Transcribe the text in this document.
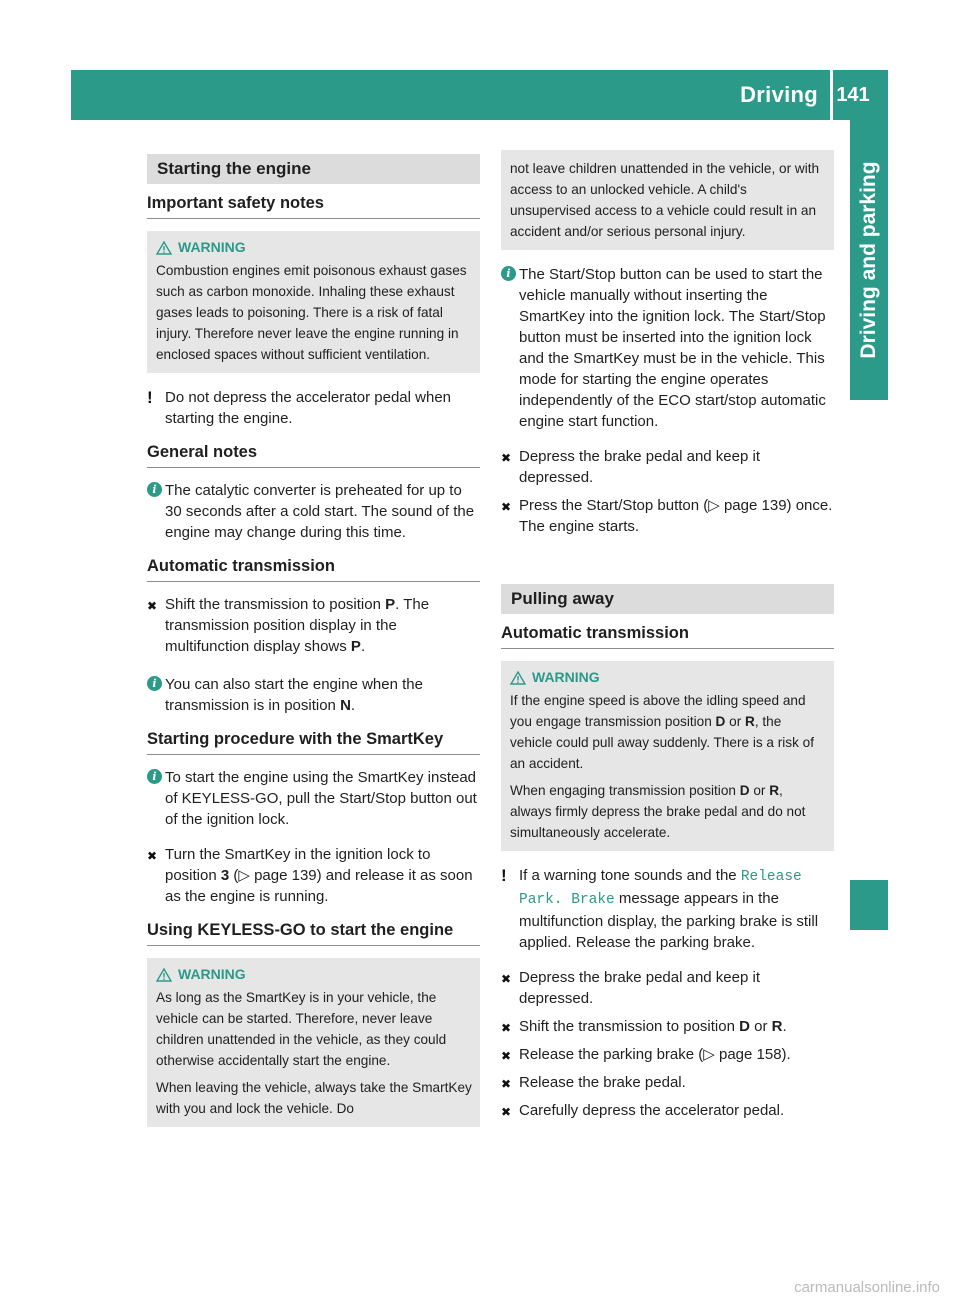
Driving 141
Driving and parking
Starting the engine
Important safety notes
WARNING

Combustion engines emit poisonous exhaust gases such as carbon monoxide. Inhaling these exhaust gases leads to poisoning. There is a risk of fatal injury. Therefore never leave the engine running in enclosed spaces without sufficient ventilation.

! Do not depress the accelerator pedal when starting the engine.
General notes
i The catalytic converter is preheated for up to 30 seconds after a cold start. The sound of the engine may change during this time.
Automatic transmission
✖ Shift the transmission to position P. The transmission position display in the multifunction display shows P.
i You can also start the engine when the transmission is in position N.
Starting procedure with the SmartKey
i To start the engine using the SmartKey instead of KEYLESS-GO, pull the Start/Stop button out of the ignition lock.
✖ Turn the SmartKey in the ignition lock to position 3 (▷ page 139) and release it as soon as the engine is running.
Using KEYLESS-GO to start the engine
WARNING

As long as the SmartKey is in your vehicle, the vehicle can be started. Therefore, never leave children unattended in the vehicle, as they could otherwise accidentally start the engine.

When leaving the vehicle, always take the SmartKey with you and lock the vehicle. Do

not leave children unattended in the vehicle, or with access to an unlocked vehicle. A child's unsupervised access to a vehicle could result in an accident and/or serious personal injury.

i The Start/Stop button can be used to start the vehicle manually without inserting the SmartKey into the ignition lock. The Start/Stop button must be inserted into the ignition lock and the SmartKey must be in the vehicle. This mode for starting the engine operates independently of the ECO start/stop automatic engine start function.
✖ Depress the brake pedal and keep it depressed.
✖ Press the Start/Stop button (▷ page 139) once.
The engine starts.
Pulling away
Automatic transmission
WARNING

If the engine speed is above the idling speed and you engage transmission position D or R, the vehicle could pull away suddenly. There is a risk of an accident.

When engaging transmission position D or R, always firmly depress the brake pedal and do not simultaneously accelerate.

! If a warning tone sounds and the Release Park. Brake message appears in the multifunction display, the parking brake is still applied. Release the parking brake.
✖ Depress the brake pedal and keep it depressed.
✖ Shift the transmission to position D or R.
✖ Release the parking brake (▷ page 158).
✖ Release the brake pedal.
✖ Carefully depress the accelerator pedal.
carmanualsonline.info
